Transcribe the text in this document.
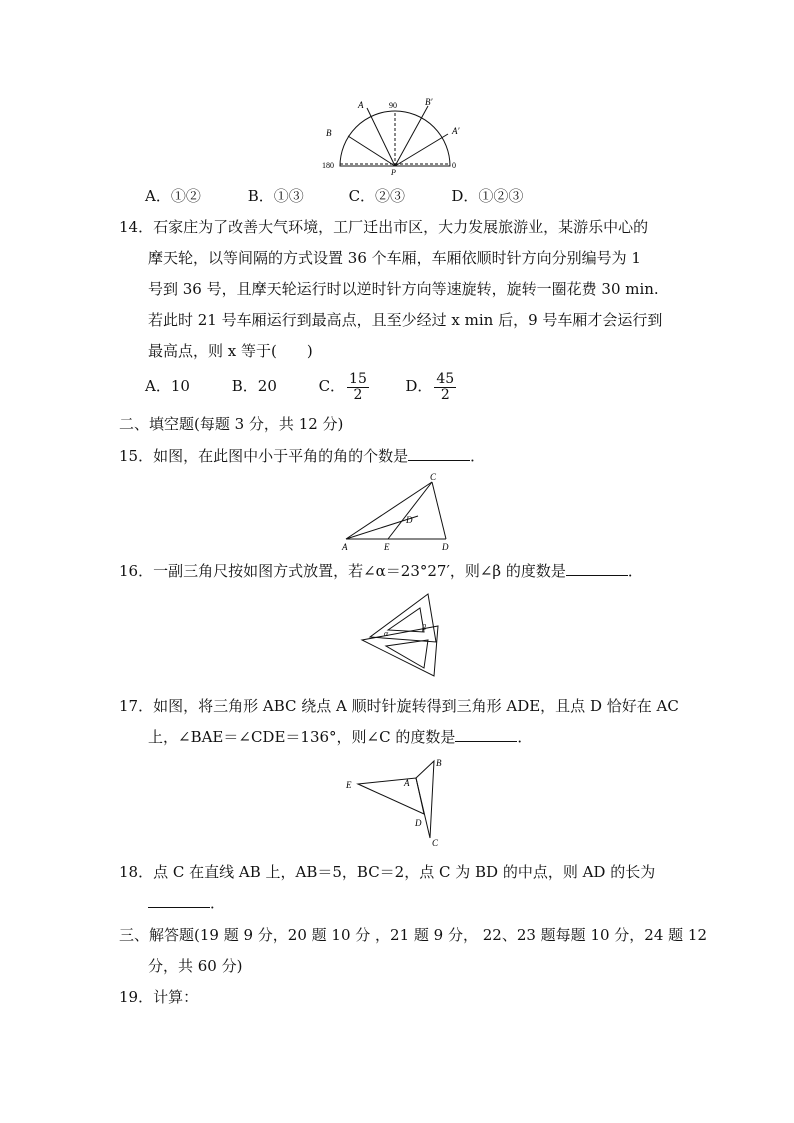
A	90	B′
B	A′
180	0
P
A．①②	B．①③	C．②③	D．①②③
14．石家庄为了改善大气环境，工厂迁出市区，大力发展旅游业，某游乐中心的
摩天轮，以等间隔的方式设置 36 个车厢，车厢依顺时针方向分别编号为 1
号到 36 号，且摩天轮运行时以逆时针方向等速旋转，旋转一圈花费 30 min.
若此时 21 号车厢运行到最高点，且至少经过 x min 后，9 号车厢才会运行到
最高点，则 x 等于(　　)
A．10	B．20	C． $\frac{15}{2}$ D． $\frac{45}{2}$
二、填空题(每题 3 分，共 12 分)
15．如图，在此图中小于平角的角的个数是	．
C
D
A	E	D
16．一副三角尺按如图方式放置，若∠α＝23°27′，则∠β 的度数是	．
α
β
17．如图，将三角形 ABC 绕点 A 顺时针旋转得到三角形 ADE，且点 D 恰好在 AC
上，∠BAE＝∠CDE＝136°，则∠C 的度数是	．
B
E	A
D
C
18．点 C 在直线 AB 上，AB＝5，BC＝2，点 C 为 BD 的中点，则 AD 的长为
．
三、解答题(19 题 9 分，20 题 10 分 ，21 题 9 分， 22、23 题每题 10 分，24 题 12
分，共 60 分)
19．计算：
